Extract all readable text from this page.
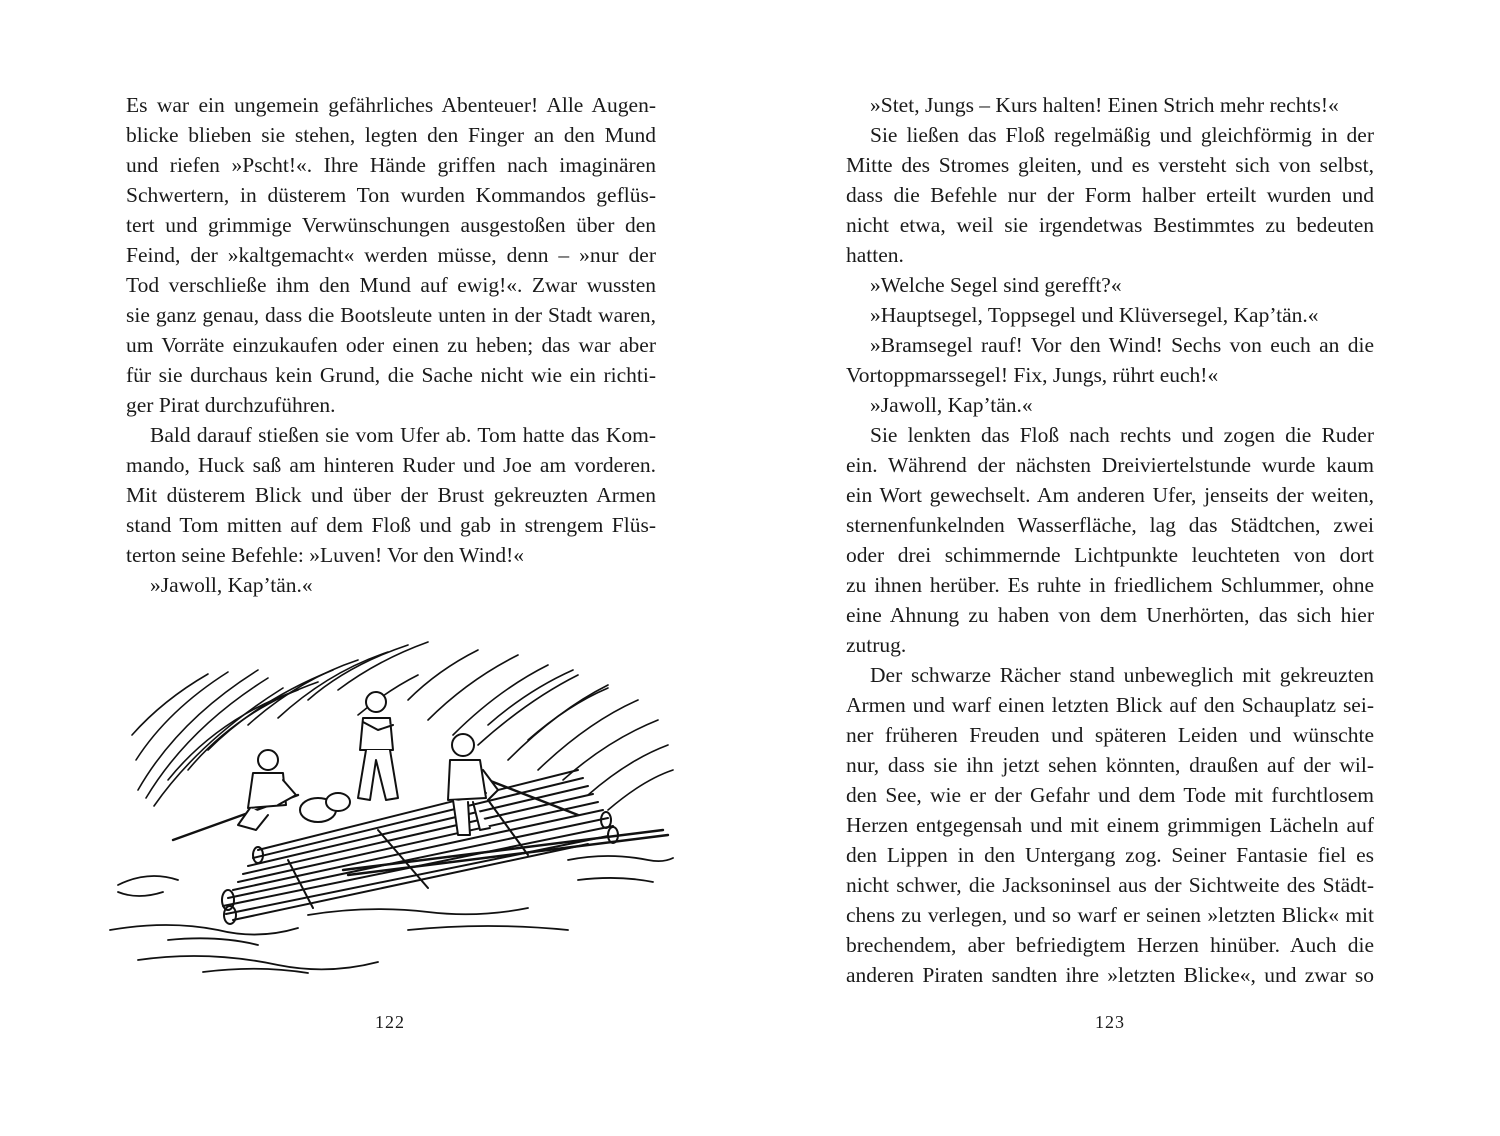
Es war ein ungemein gefährliches Abenteuer! Alle Augen-
blicke blieben sie stehen, legten den Finger an den Mund
und riefen »Pscht!«. Ihre Hände griffen nach imaginären
Schwertern, in düsterem Ton wurden Kommandos geflüs-
tert und grimmige Verwünschungen ausgestoßen über den
Feind, der »kaltgemacht« werden müsse, denn – »nur der
Tod verschließe ihm den Mund auf ewig!«. Zwar wussten
sie ganz genau, dass die Bootsleute unten in der Stadt waren,
um Vorräte einzukaufen oder einen zu heben; das war aber
für sie durchaus kein Grund, die Sache nicht wie ein richti-
ger Pirat durchzuführen.
Bald darauf stießen sie vom Ufer ab. Tom hatte das Kom-
mando, Huck saß am hinteren Ruder und Joe am vorderen.
Mit düsterem Blick und über der Brust gekreuzten Armen
stand Tom mitten auf dem Floß und gab in strengem Flüs-
terton seine Befehle: »Luven! Vor den Wind!«
»Jawoll, Kap’tän.«
122
»Stet, Jungs – Kurs halten! Einen Strich mehr rechts!«
Sie ließen das Floß regelmäßig und gleichförmig in der
Mitte des Stromes gleiten, und es versteht sich von selbst,
dass die Befehle nur der Form halber erteilt wurden und
nicht etwa, weil sie irgendetwas Bestimmtes zu bedeuten
hatten.
»Welche Segel sind gerefft?«
»Hauptsegel, Toppsegel und Klüversegel, Kap’tän.«
»Bramsegel rauf! Vor den Wind! Sechs von euch an die
Vortoppmarssegel! Fix, Jungs, rührt euch!«
»Jawoll, Kap’tän.«
Sie lenkten das Floß nach rechts und zogen die Ruder
ein. Während der nächsten Dreiviertelstunde wurde kaum
ein Wort gewechselt. Am anderen Ufer, jenseits der weiten,
sternenfunkelnden Wasserfläche, lag das Städtchen, zwei
oder drei schimmernde Lichtpunkte leuchteten von dort
zu ihnen herüber. Es ruhte in friedlichem Schlummer, ohne
eine Ahnung zu haben von dem Unerhörten, das sich hier
zutrug.
Der schwarze Rächer stand unbeweglich mit gekreuzten
Armen und warf einen letzten Blick auf den Schauplatz sei-
ner früheren Freuden und späteren Leiden und wünschte
nur, dass sie ihn jetzt sehen könnten, draußen auf der wil-
den See, wie er der Gefahr und dem Tode mit furchtlosem
Herzen entgegensah und mit einem grimmigen Lächeln auf
den Lippen in den Untergang zog. Seiner Fantasie fiel es
nicht schwer, die Jacksoninsel aus der Sichtweite des Städt-
chens zu verlegen, und so warf er seinen »letzten Blick« mit
brechendem, aber befriedigtem Herzen hinüber. Auch die
anderen Piraten sandten ihre »letzten Blicke«, und zwar so
123
